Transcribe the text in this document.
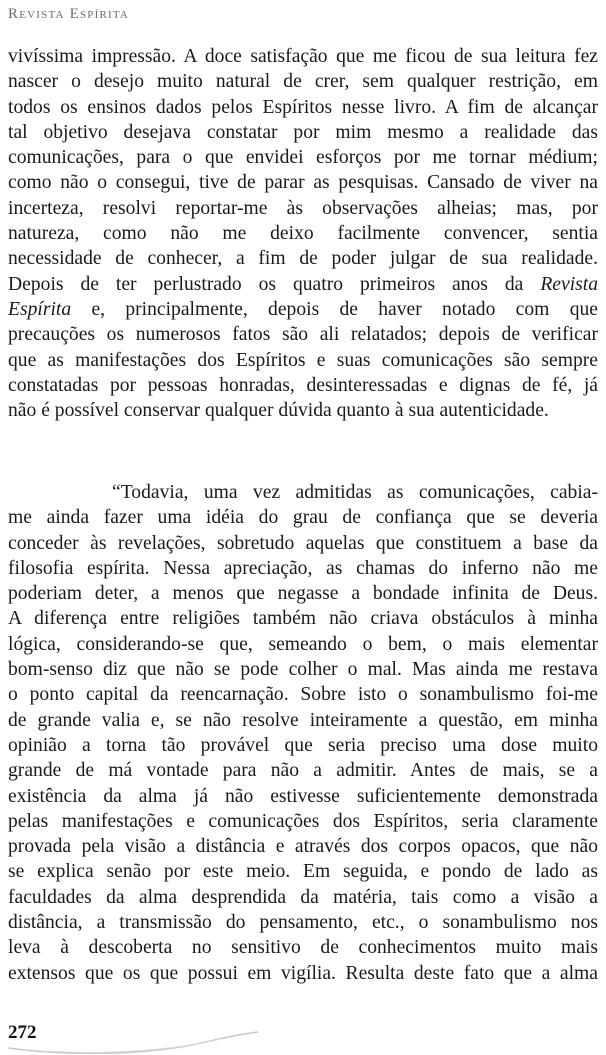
Revista Espírita
vivíssima impressão. A doce satisfação que me ficou de sua leitura fez
nascer o desejo muito natural de crer, sem qualquer restrição, em
todos os ensinos dados pelos Espíritos nesse livro. A fim de alcançar
tal objetivo desejava constatar por mim mesmo a realidade das
comunicações, para o que envidei esforços por me tornar médium;
como não o consegui, tive de parar as pesquisas. Cansado de viver na
incerteza, resolvi reportar-me às observações alheias; mas, por
natureza, como não me deixo facilmente convencer, sentia
necessidade de conhecer, a fim de poder julgar de sua realidade.
Depois de ter perlustrado os quatro primeiros anos da Revista
Espírita e, principalmente, depois de haver notado com que
precauções os numerosos fatos são ali relatados; depois de verificar
que as manifestações dos Espíritos e suas comunicações são sempre
constatadas por pessoas honradas, desinteressadas e dignas de fé, já
não é possível conservar qualquer dúvida quanto à sua autenticidade.
“Todavia, uma vez admitidas as comunicações, cabia-
me ainda fazer uma idéia do grau de confiança que se deveria
conceder às revelações, sobretudo aquelas que constituem a base da
filosofia espírita. Nessa apreciação, as chamas do inferno não me
poderiam deter, a menos que negasse a bondade infinita de Deus.
A diferença entre religiões também não criava obstáculos à minha
lógica, considerando-se que, semeando o bem, o mais elementar
bom-senso diz que não se pode colher o mal. Mas ainda me restava
o ponto capital da reencarnação. Sobre isto o sonambulismo foi-me
de grande valia e, se não resolve inteiramente a questão, em minha
opinião a torna tão provável que seria preciso uma dose muito
grande de má vontade para não a admitir. Antes de mais, se a
existência da alma já não estivesse suficientemente demonstrada
pelas manifestações e comunicações dos Espíritos, seria claramente
provada pela visão a distância e através dos corpos opacos, que não
se explica senão por este meio. Em seguida, e pondo de lado as
faculdades da alma desprendida da matéria, tais como a visão a
distância, a transmissão do pensamento, etc., o sonambulismo nos
leva à descoberta no sensitivo de conhecimentos muito mais
extensos que os que possui em vigília. Resulta deste fato que a alma
272
